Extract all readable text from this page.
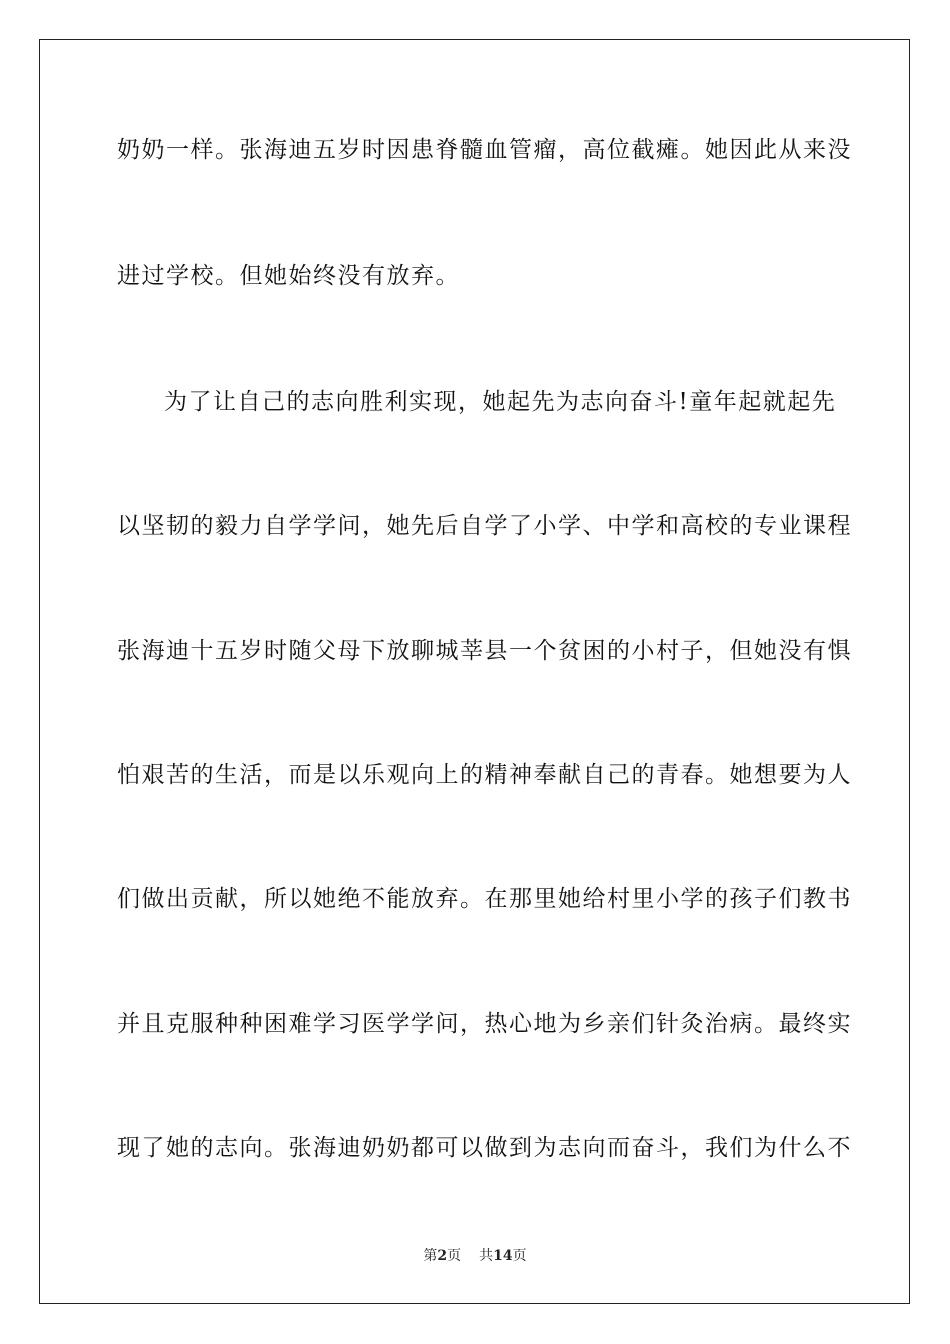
奶奶一样。张海迪五岁时因患脊髓血管瘤，高位截瘫。她因此从来没
进过学校。但她始终没有放弃。
为了让自己的志向胜利实现，她起先为志向奋斗!童年起就起先
以坚韧的毅力自学学问，她先后自学了小学、中学和高校的专业课程
张海迪十五岁时随父母下放聊城莘县一个贫困的小村子，但她没有惧
怕艰苦的生活，而是以乐观向上的精神奉献自己的青春。她想要为人
们做出贡献，所以她绝不能放弃。在那里她给村里小学的孩子们教书
并且克服种种困难学习医学学问，热心地为乡亲们针灸治病。最终实
现了她的志向。张海迪奶奶都可以做到为志向而奋斗，我们为什么不
第2页 共14页
